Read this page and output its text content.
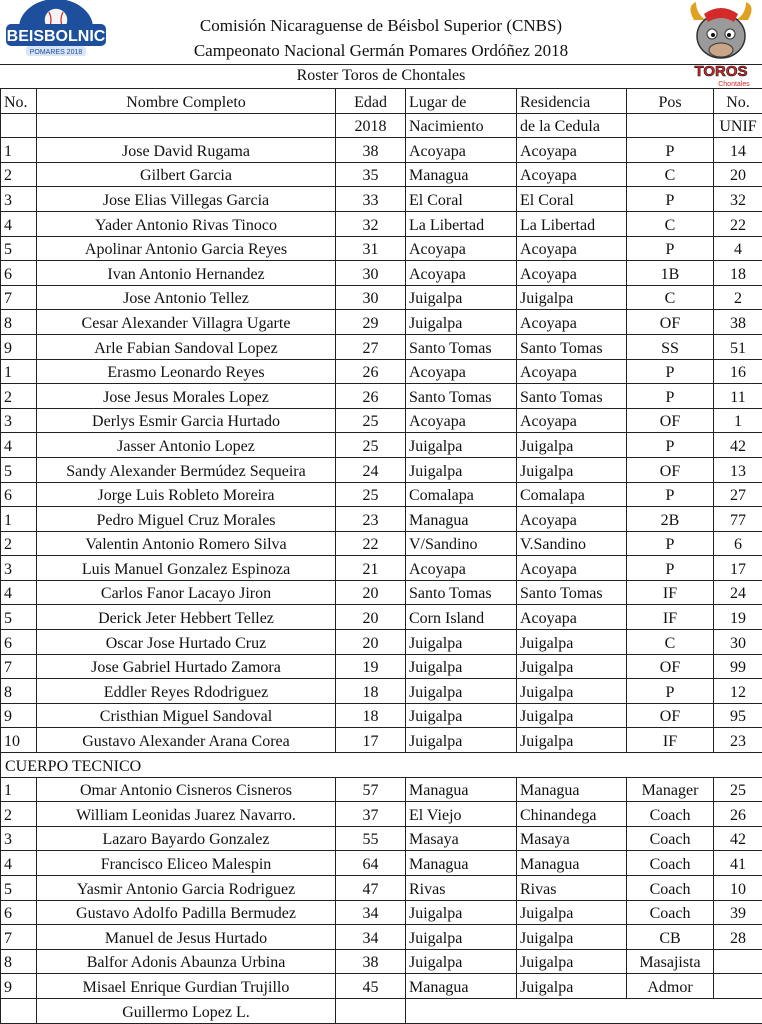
BEISBOLNIC
POMARES 2018
Comisión Nicaraguense de Béisbol Superior (CNBS)
Campeonato Nacional Germán Pomares Ordóñez 2018
Roster Toros de Chontales	TOROS
Chontales
No.	Nombre Completo	Edad	Lugar de	Residencia	Pos	No.
		2018	Nacimiento	de la Cedula		UNIF
1	Jose David Rugama	38	Acoyapa	Acoyapa	P	14
2	Gilbert Garcia	35	Managua	Acoyapa	C	20
3	Jose Elias Villegas Garcia	33	El Coral	El Coral	P	32
4	Yader Antonio Rivas Tinoco	32	La Libertad	La Libertad	C	22
5	Apolinar Antonio Garcia Reyes	31	Acoyapa	Acoyapa	P	4
6	Ivan Antonio Hernandez	30	Acoyapa	Acoyapa	1B	18
7	Jose Antonio Tellez	30	Juigalpa	Juigalpa	C	2
8	Cesar Alexander Villagra Ugarte	29	Juigalpa	Acoyapa	OF	38
9	Arle Fabian Sandoval Lopez	27	Santo Tomas	Santo Tomas	SS	51
1	Erasmo Leonardo Reyes	26	Acoyapa	Acoyapa	P	16
2	Jose Jesus Morales Lopez	26	Santo Tomas	Santo Tomas	P	11
3	Derlys Esmir Garcia Hurtado	25	Acoyapa	Acoyapa	OF	1
4	Jasser Antonio Lopez	25	Juigalpa	Juigalpa	P	42
5	Sandy Alexander Bermúdez Sequeira	24	Juigalpa	Juigalpa	OF	13
6	Jorge Luis Robleto Moreira	25	Comalapa	Comalapa	P	27
1	Pedro Miguel Cruz Morales	23	Managua	Acoyapa	2B	77
2	Valentin Antonio Romero Silva	22	V/Sandino	V.Sandino	P	6
3	Luis Manuel Gonzalez Espinoza	21	Acoyapa	Acoyapa	P	17
4	Carlos Fanor Lacayo Jiron	20	Santo Tomas	Santo Tomas	IF	24
5	Derick Jeter Hebbert Tellez	20	Corn Island	Acoyapa	IF	19
6	Oscar Jose Hurtado Cruz	20	Juigalpa	Juigalpa	C	30
7	Jose Gabriel Hurtado Zamora	19	Juigalpa	Juigalpa	OF	99
8	Eddler Reyes Rdodriguez	18	Juigalpa	Juigalpa	P	12
9	Cristhian Miguel Sandoval	18	Juigalpa	Juigalpa	OF	95
10	Gustavo Alexander Arana Corea	17	Juigalpa	Juigalpa	IF	23
CUERPO TECNICO						
1	Omar Antonio Cisneros Cisneros	57	Managua	Managua	Manager	25
2	William Leonidas Juarez Navarro.	37	El Viejo	Chinandega	Coach	26
3	Lazaro Bayardo Gonzalez	55	Masaya	Masaya	Coach	42
4	Francisco Eliceo Malespin	64	Managua	Managua	Coach	41
5	Yasmir Antonio Garcia Rodriguez	47	Rivas	Rivas	Coach	10
6	Gustavo Adolfo Padilla Bermudez	34	Juigalpa	Juigalpa	Coach	39
7	Manuel de Jesus Hurtado	34	Juigalpa	Juigalpa	CB	28
8	Balfor Adonis Abaunza Urbina	38	Juigalpa	Juigalpa	Masajista	
9	Misael Enrique Gurdian Trujillo	45	Managua	Juigalpa	Admor	
	Guillermo Lopez L.					
